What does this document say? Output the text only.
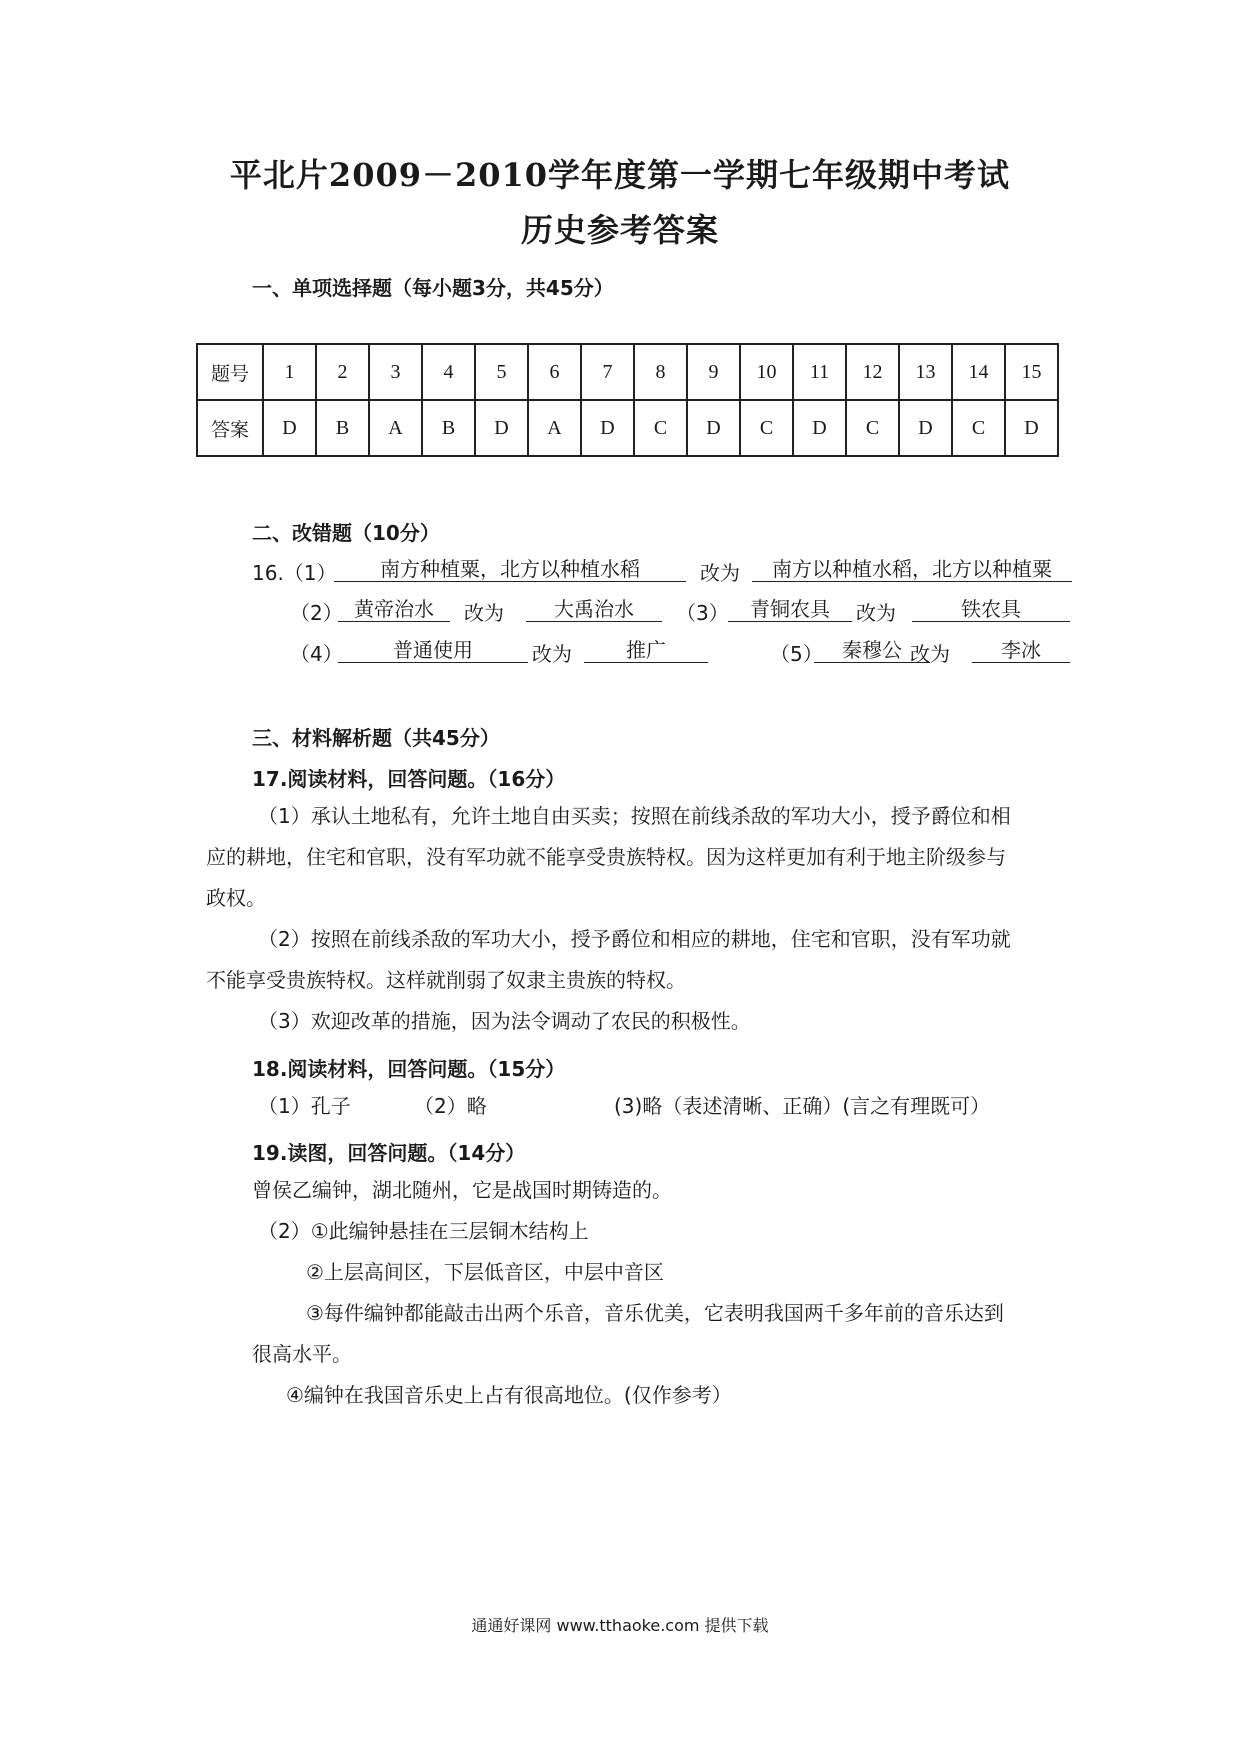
平北片2009－2010学年度第一学期七年级期中考试
历史参考答案
一、单项选择题（每小题3分，共45分）
题号	1	2	3	4	5	6	7	8	9	10	11	12	13	14	15
答案	D	B	A	B	D	A	D	C	D	C	D	C	D	C	D
二、改错题（10分）
16.（1）	南方种植粟，北方以种植水稻	改为	南方以种植水稻，北方以种植粟
（2） 黄帝治水	改为	大禹治水	（3）	青铜农具	改为	铁农具
（4）	普通使用	改为	推广	（5） 秦穆公 改为	李冰
三、材料解析题（共45分）
17.阅读材料，回答问题。（16分）
（1）承认土地私有，允许土地自由买卖；按照在前线杀敌的军功大小，授予爵位和相
应的耕地，住宅和官职，没有军功就不能享受贵族特权。因为这样更加有利于地主阶级参与
政权。
（2）按照在前线杀敌的军功大小，授予爵位和相应的耕地，住宅和官职，没有军功就
不能享受贵族特权。这样就削弱了奴隶主贵族的特权。
（3）欢迎改革的措施，因为法令调动了农民的积极性。
18.阅读材料，回答问题。（15分）
（1）孔子	（2）略	(3)略（表述清晰、正确）(言之有理既可）
19.读图，回答问题。（14分）
曾侯乙编钟，湖北随州，它是战国时期铸造的。
（2）①此编钟悬挂在三层铜木结构上
②上层高间区，下层低音区，中层中音区
③每件编钟都能敲击出两个乐音，音乐优美，它表明我国两千多年前的音乐达到
很高水平。
④编钟在我国音乐史上占有很高地位。(仅作参考）
通通好课网 www.tthaoke.com 提供下载
